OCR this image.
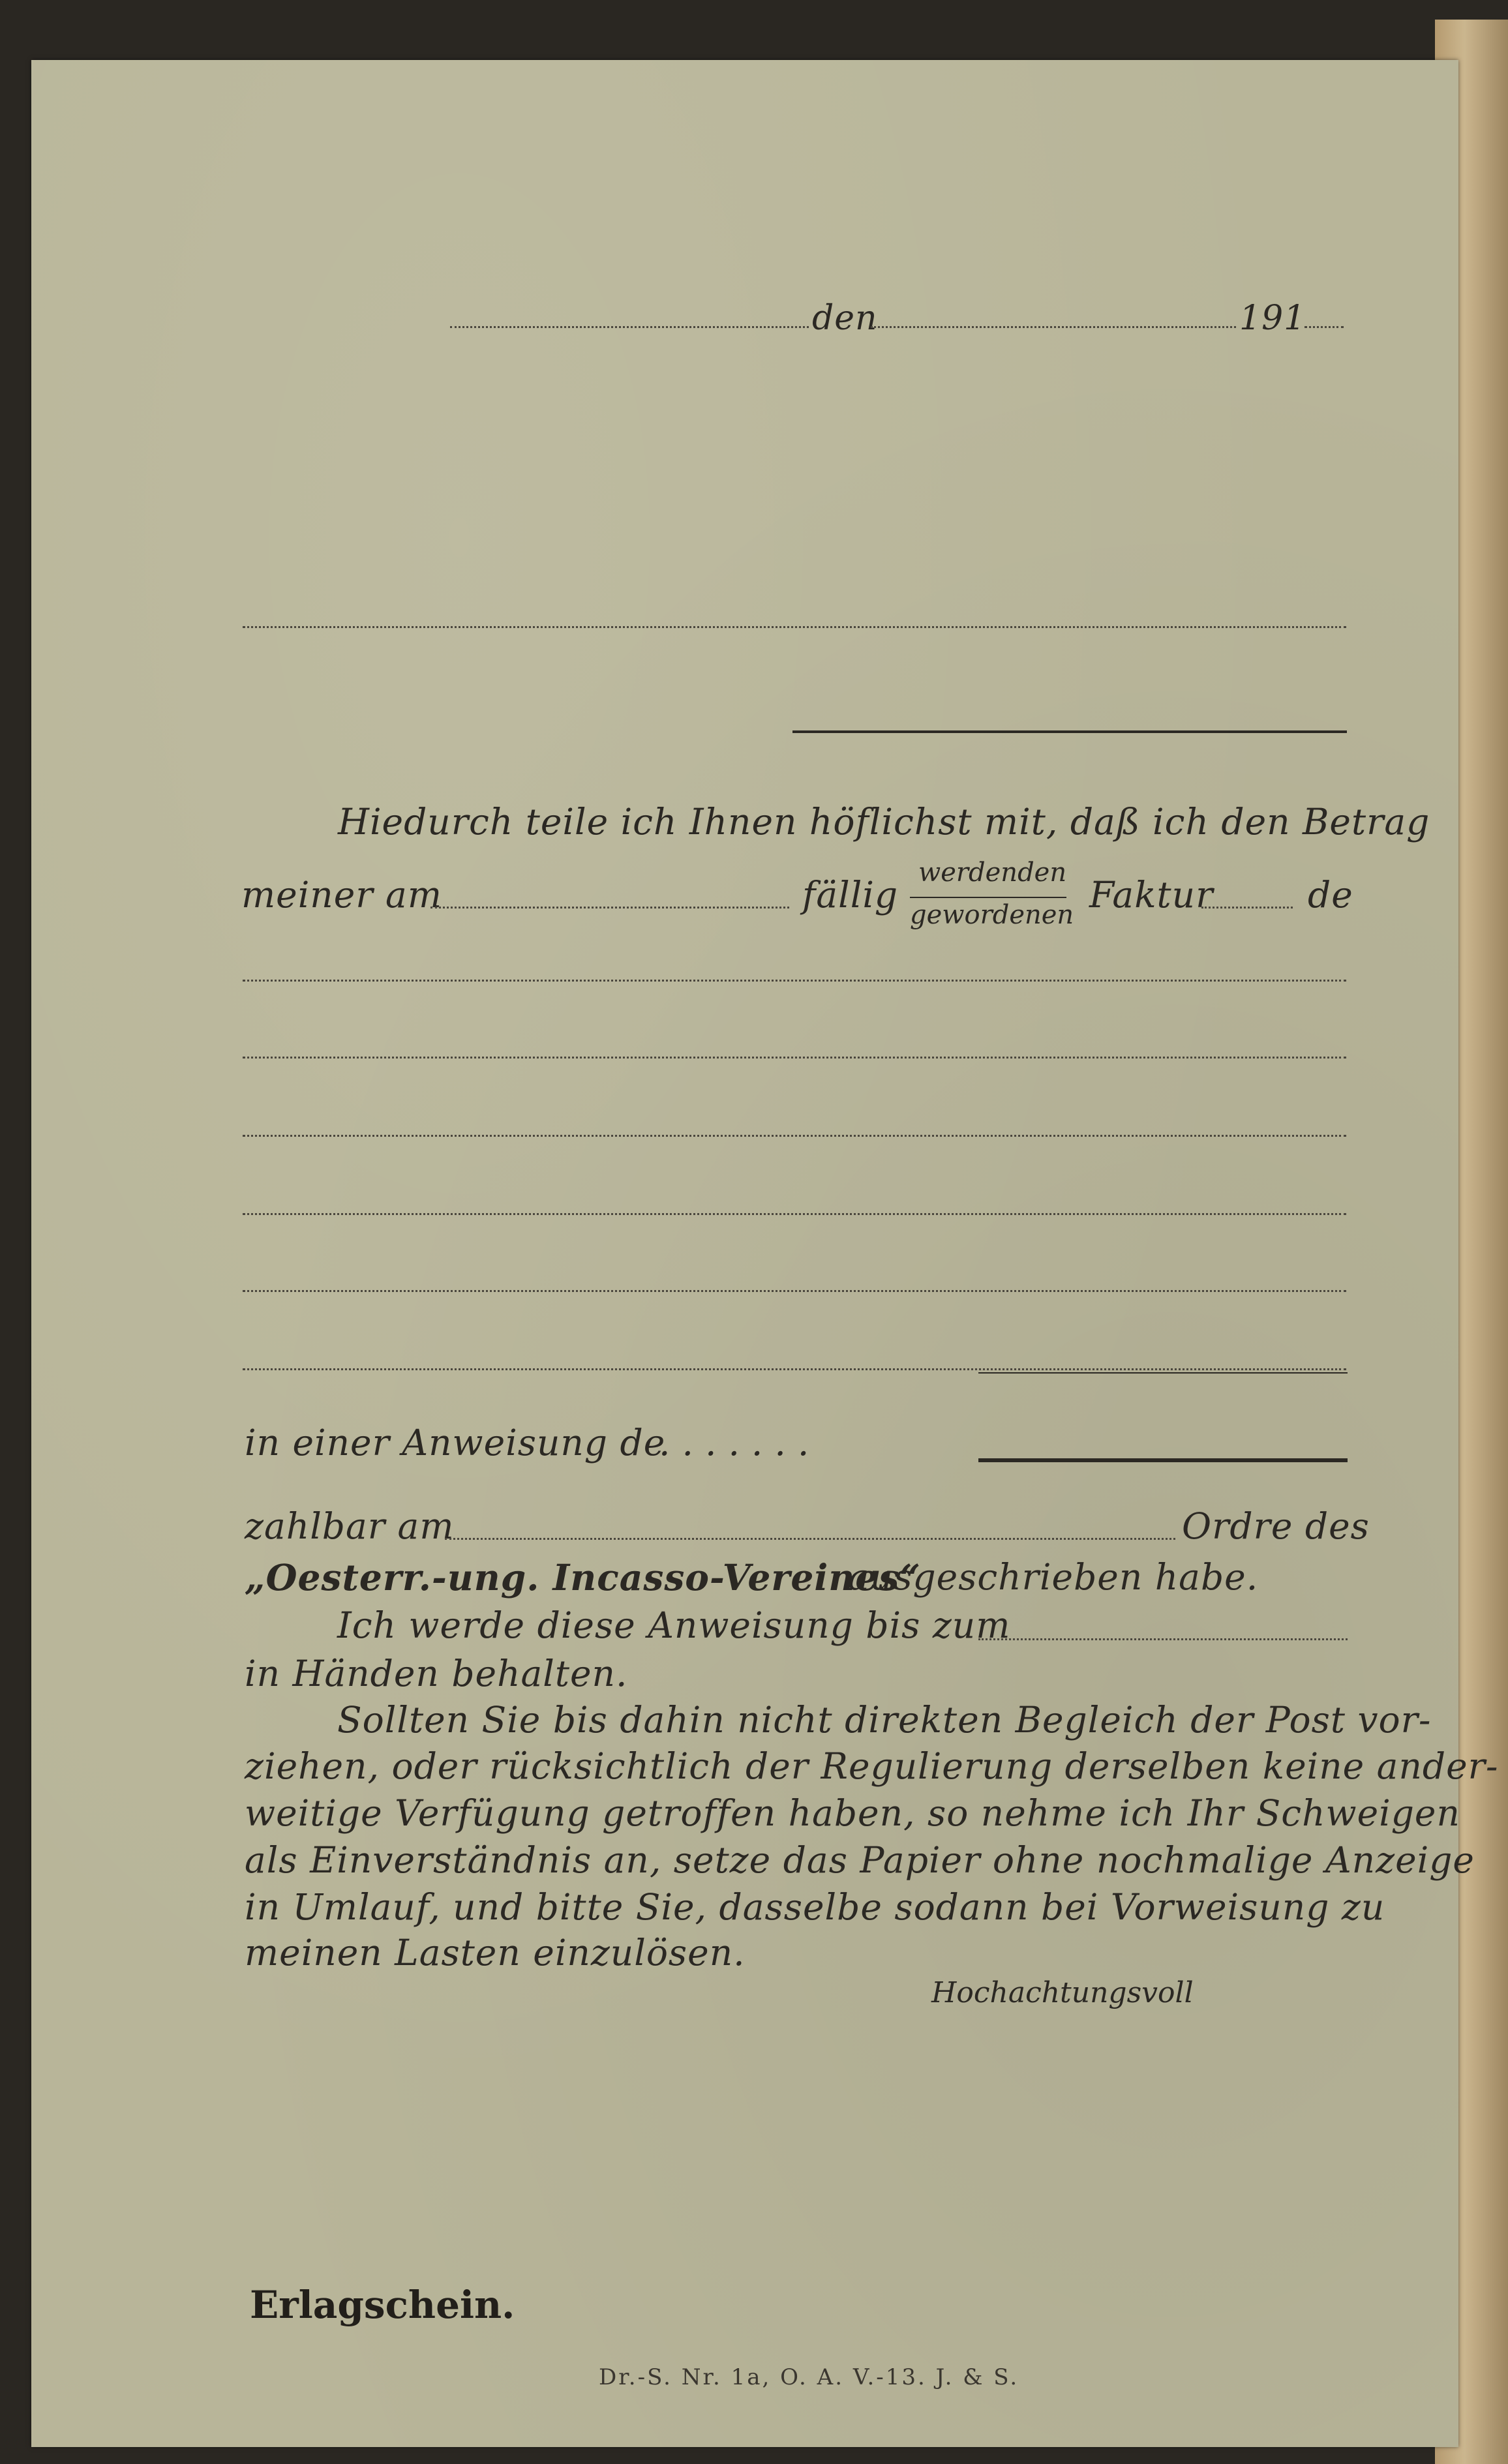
den	191
Hiedurch teile ich Ihnen höflichst mit, daß ich den Betrag
meiner am	fällig
werdenden
gewordenen Faktur	de
in einer Anweisung de
.......
zahlbar am	Ordre des
„Oesterr.-ung. Incasso-Vereines“
ausgeschrieben habe.
Ich werde diese Anweisung bis zum
in Händen behalten.
Sollten Sie bis dahin nicht direkten Begleich der Post vor-
ziehen, oder rücksichtlich der Regulierung derselben keine ander-
weitige Verfügung getroffen haben, so nehme ich Ihr Schweigen
als Einverständnis an, setze das Papier ohne nochmalige Anzeige
in Umlauf, und bitte Sie, dasselbe sodann bei Vorweisung zu
meinen Lasten einzulösen.
Hochachtungsvoll
Erlagschein.
Dr.-S. Nr. 1a, O. A. V.-13. J. & S.
